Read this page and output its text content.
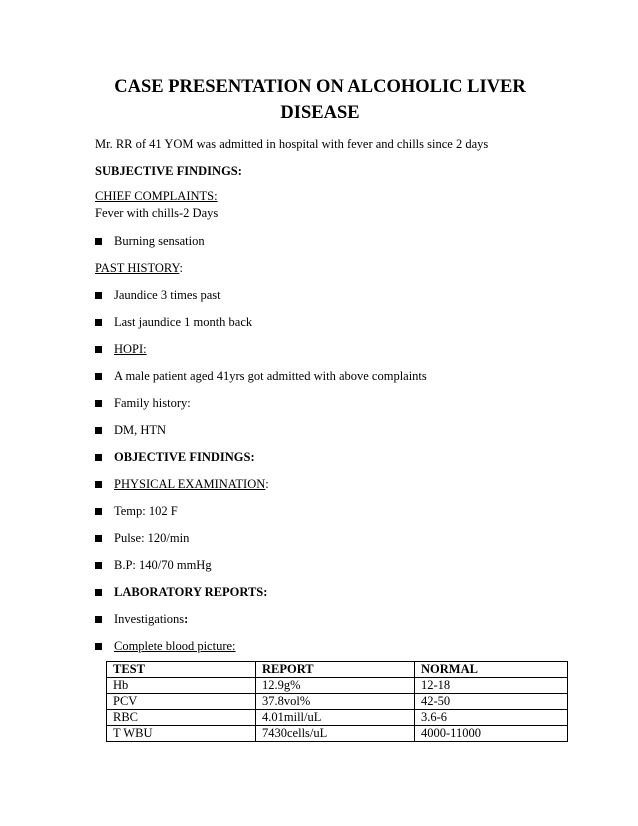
CASE PRESENTATION ON ALCOHOLIC LIVER
DISEASE
Mr. RR of 41 YOM was admitted in hospital with fever and chills since 2 days
SUBJECTIVE FINDINGS:
CHIEF COMPLAINTS:
Fever with chills-2 Days
Burning sensation
PAST HISTORY:
Jaundice 3 times past
Last jaundice 1 month back
HOPI:
A male patient aged 41yrs got admitted with above complaints
Family history:
DM, HTN
OBJECTIVE FINDINGS:
PHYSICAL EXAMINATION:
Temp: 102 F
Pulse: 120/min
B.P: 140/70 mmHg
LABORATORY REPORTS:
Investigations:
Complete blood picture:
TEST	REPORT	NORMAL
Hb	12.9g%	12-18
PCV	37.8vol%	42-50
RBC	4.01mill/uL	3.6-6
T WBU	7430cells/uL	4000-11000
